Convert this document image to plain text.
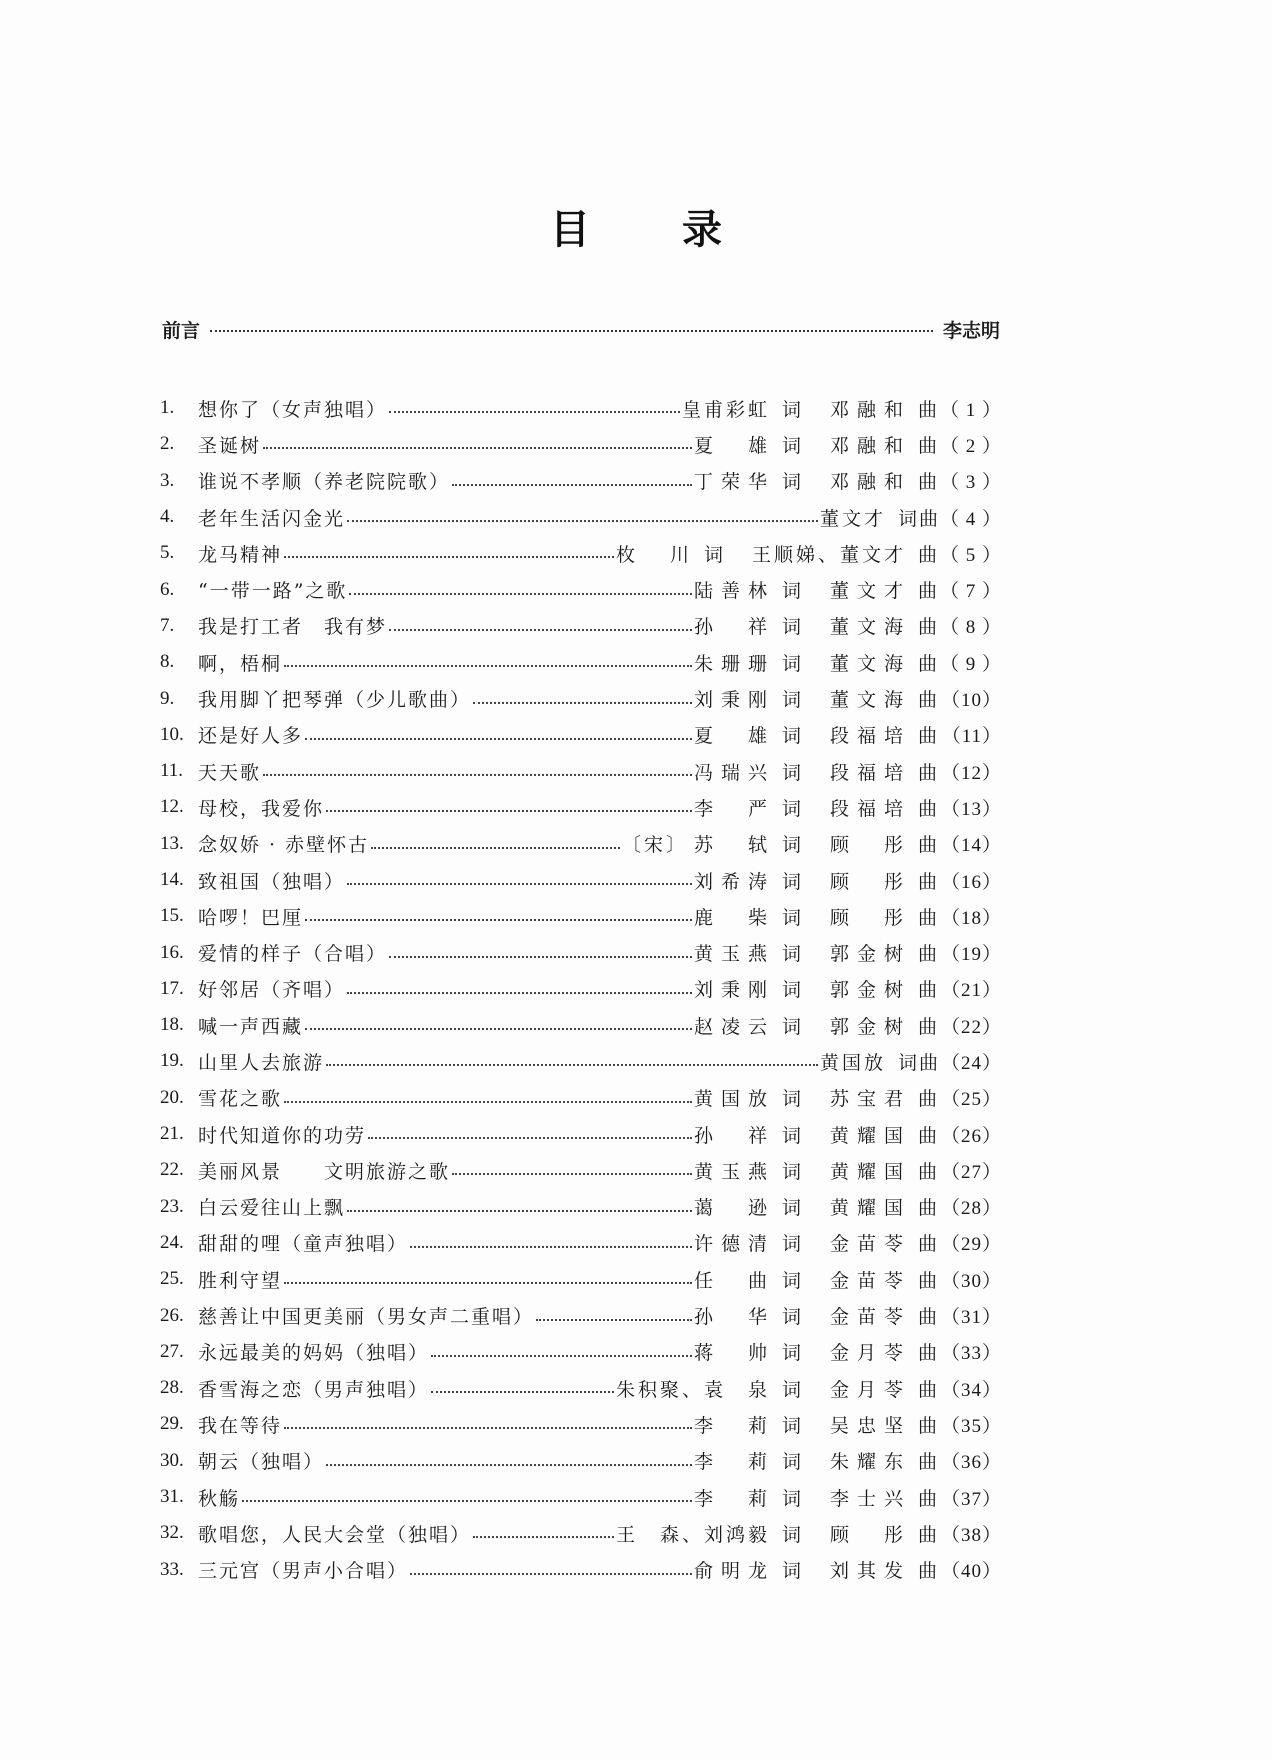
目 录
前言	李志明
1.	想你了（女声独唱）	皇甫彩虹 词 邓融和 曲 （ 1 ）
2.	圣诞树	夏　雄 词 邓融和 曲 （ 2 ）
3.	谁说不孝顺（养老院院歌）	丁荣华 词 邓融和 曲 （ 3 ）
4.	老年生活闪金光	董文才 词曲 （ 4 ）
5.	龙马精神	枚　川 词 王顺娣、董文才 曲 （ 5 ）
6.	“一带一路”之歌	陆善林 词 董文才 曲 （ 7 ）
7.	我是打工者　我有梦	孙　祥 词 董文海 曲 （ 8 ）
8.	啊，梧桐	朱珊珊 词 董文海 曲 （ 9 ）
9.	我用脚丫把琴弹（少儿歌曲）	刘秉刚 词 董文海 曲 （10）
10. 还是好人多	夏　雄 词 段福培 曲 （11）
11. 天天歌	冯瑞兴 词 段福培 曲 （12）
12. 母校，我爱你	李　严 词 段福培 曲 （13）
13. 念奴娇 · 赤壁怀古	〔宋〕 苏　轼 词 顾　彤 曲 （14）
14. 致祖国（独唱）	刘希涛 词 顾　彤 曲 （16）
15. 哈啰！巴厘	鹿　柴 词 顾　彤 曲 （18）
16. 爱情的样子（合唱）	黄玉燕 词 郭金树 曲 （19）
17. 好邻居（齐唱）	刘秉刚 词 郭金树 曲 （21）
18. 喊一声西藏	赵凌云 词 郭金树 曲 （22）
19. 山里人去旅游	黄国放 词曲 （24）
20. 雪花之歌	黄国放 词 苏宝君 曲 （25）
21. 时代知道你的功劳	孙　祥 词 黄耀国 曲 （26）
22. 美丽风景　　文明旅游之歌	黄玉燕 词 黄耀国 曲 （27）
23. 白云爱往山上飘	蔼　逊 词 黄耀国 曲 （28）
24. 甜甜的哩（童声独唱）	许德清 词 金苗苓 曲 （29）
25. 胜利守望	任　曲 词 金苗苓 曲 （30）
26. 慈善让中国更美丽（男女声二重唱）	孙　华 词 金苗苓 曲 （31）
27. 永远最美的妈妈（独唱）	蒋　帅 词 金月苓 曲 （33）
28. 香雪海之恋（男声独唱）	朱积聚、袁　泉 词 金月苓 曲 （34）
29. 我在等待	李　莉 词 吴忠坚 曲 （35）
30. 朝云（独唱）	李　莉 词 朱耀东 曲 （36）
31. 秋觞	李　莉 词 李士兴 曲 （37）
32. 歌唱您，人民大会堂（独唱）	王　森、刘鸿毅 词 顾　彤 曲 （38）
33. 三元宫（男声小合唱）	俞明龙 词 刘其发 曲 （40）
